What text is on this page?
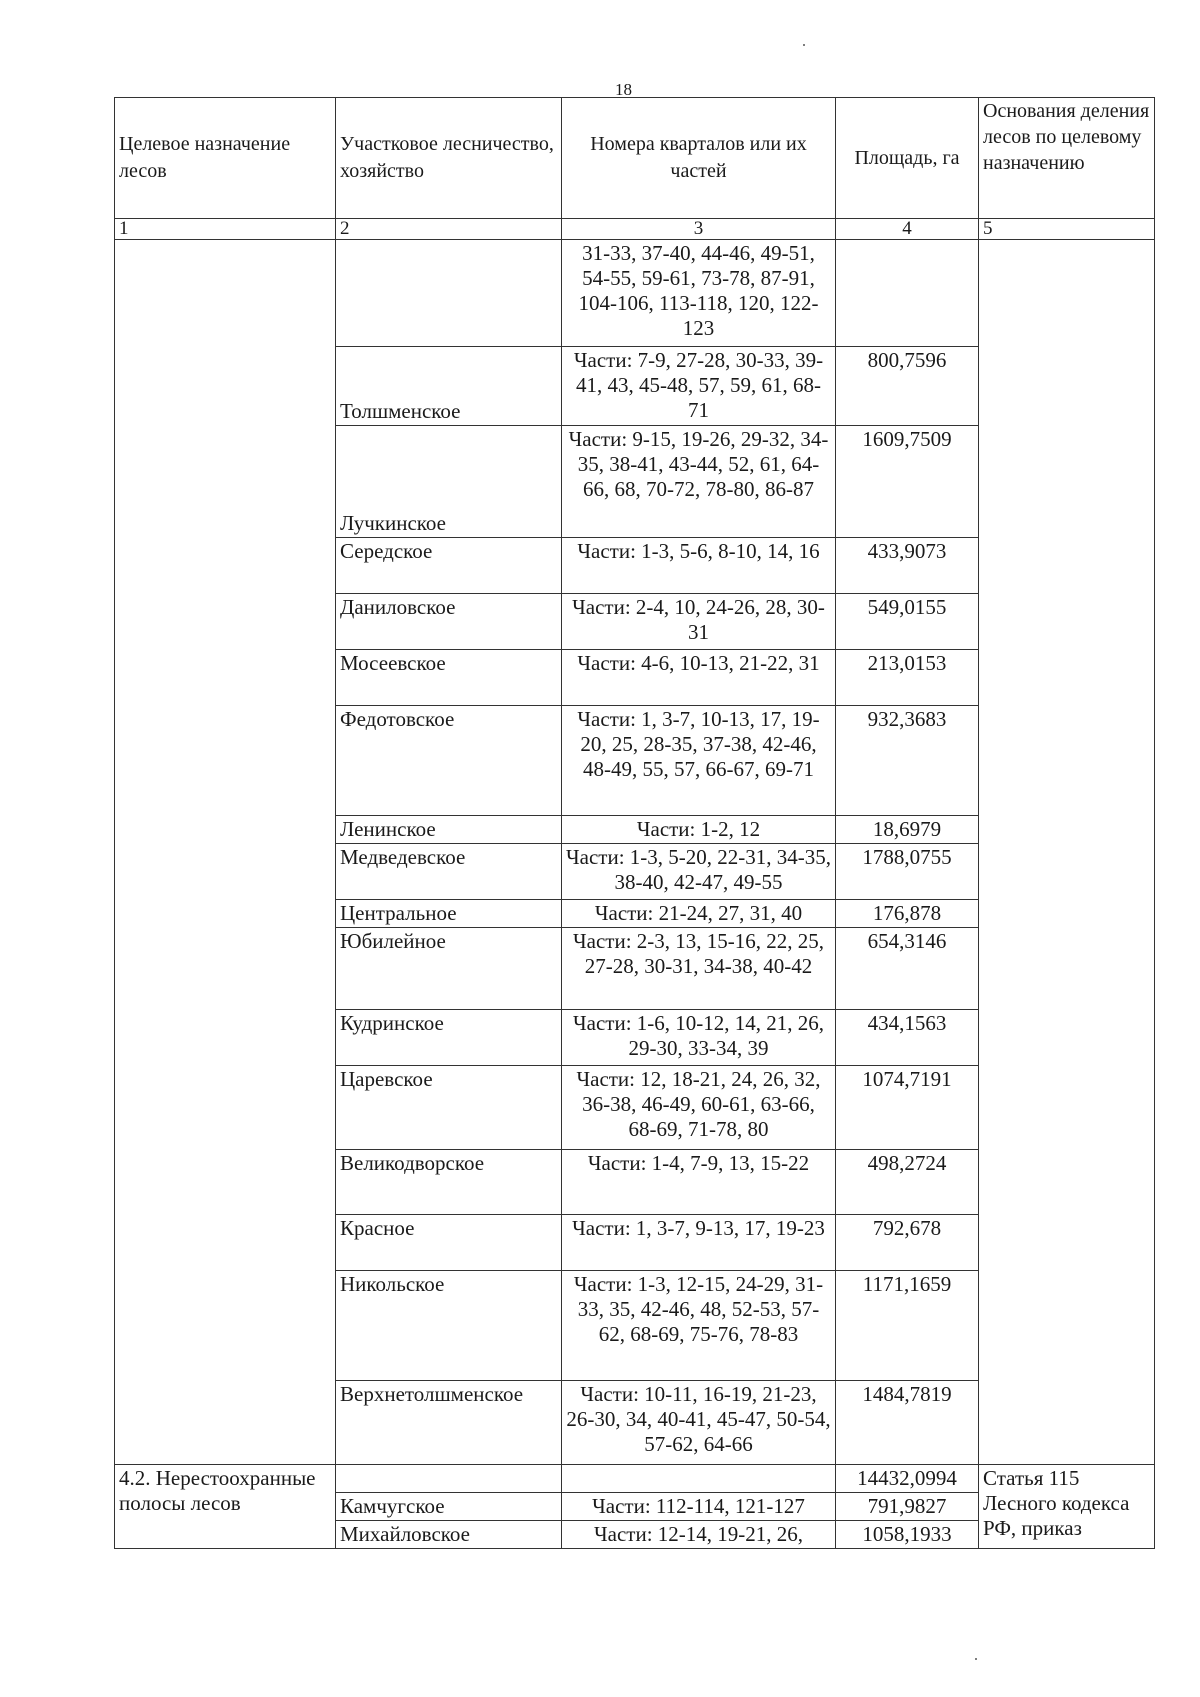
18
Целевое назначение лесов	Участковое лесничество, хозяйство	Номера кварталов или их частей	Площадь, га	Основания деления лесов по целевому назначению
1	2	3	4	5
		31-33, 37-40, 44-46, 49-51, 54-55, 59-61, 73-78, 87-91, 104-106, 113-118, 120, 122-123		
	Толшменское	Части: 7-9, 27-28, 30-33, 39-41, 43, 45-48, 57, 59, 61, 68-71	800,7596	
	Лучкинское	Части: 9-15, 19-26, 29-32, 34-35, 38-41, 43-44, 52, 61, 64-66, 68, 70-72, 78-80, 86-87	1609,7509	
	Середское	Части: 1-3, 5-6, 8-10, 14, 16	433,9073	
	Даниловское	Части: 2-4, 10, 24-26, 28, 30-31	549,0155	
	Мосеевское	Части: 4-6, 10-13, 21-22, 31	213,0153	
	Федотовское	Части: 1, 3-7, 10-13, 17, 19-20, 25, 28-35, 37-38, 42-46, 48-49, 55, 57, 66-67, 69-71	932,3683	
	Ленинское	Части: 1-2, 12	18,6979	
	Медведевское	Части: 1-3, 5-20, 22-31, 34-35, 38-40, 42-47, 49-55	1788,0755	
	Центральное	Части: 21-24, 27, 31, 40	176,878	
	Юбилейное	Части: 2-3, 13, 15-16, 22, 25, 27-28, 30-31, 34-38, 40-42	654,3146	
	Кудринское	Части: 1-6, 10-12, 14, 21, 26, 29-30, 33-34, 39	434,1563	
	Царевское	Части: 12, 18-21, 24, 26, 32, 36-38, 46-49, 60-61, 63-66, 68-69, 71-78, 80	1074,7191	
	Великодворское	Части: 1-4, 7-9, 13, 15-22	498,2724	
	Красное	Части: 1, 3-7, 9-13, 17, 19-23	792,678	
	Никольское	Части: 1-3, 12-15, 24-29, 31-33, 35, 42-46, 48, 52-53, 57-62, 68-69, 75-76, 78-83	1171,1659	
	Верхнетолшменское	Части: 10-11, 16-19, 21-23, 26-30, 34, 40-41, 45-47, 50-54, 57-62, 64-66	1484,7819	
4.2. Нерестоохранные полосы лесов			14432,0994	Статья 115 Лесного кодекса РФ, приказ
	Камчугское	Части: 112-114, 121-127	791,9827	
	Михайловское	Части: 12-14, 19-21, 26,	1058,1933	
